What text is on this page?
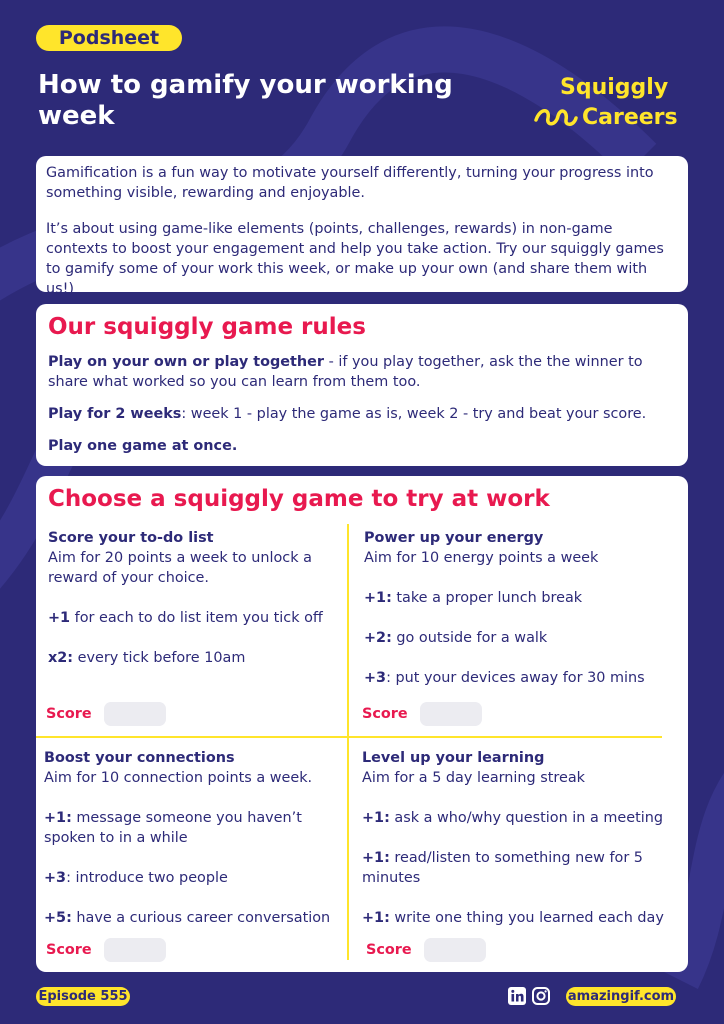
Podsheet
How to gamify your working week
Squiggly
Careers

Gamification is a fun way to motivate yourself differently, turning your progress into something visible, rewarding and enjoyable.

It’s about using game-like elements (points, challenges, rewards) in non-game contexts to boost your engagement and help you take action. Try our squiggly games to gamify some of your work this week, or make up your own (and share them with us!)

Our squiggly game rules

Play on your own or play together - if you play together, ask the the winner to share what worked so you can learn from them too.

Play for 2 weeks: week 1 - play the game as is, week 2 - try and beat your score.

Play one game at once.

Choose a squiggly game to try at work

Score your to-do list

Aim for 20 points a week to unlock a reward of your choice.

+1 for each to do list item you tick off

x2: every tick before 10am

Score

Power up your energy

Aim for 10 energy points a week

+1: take a proper lunch break

+2: go outside for a walk

+3: put your devices away for 30 mins

Score

Boost your connections

Aim for 10 connection points a week.

+1: message someone you haven’t spoken to in a while

+3: introduce two people

+5: have a curious career conversation

Score

Level up your learning

Aim for a 5 day learning streak

+1: ask a who/why question in a meeting

+1: read/listen to something new for 5 minutes

+1: write one thing you learned each day

Score
Episode 555	amazingif.com
